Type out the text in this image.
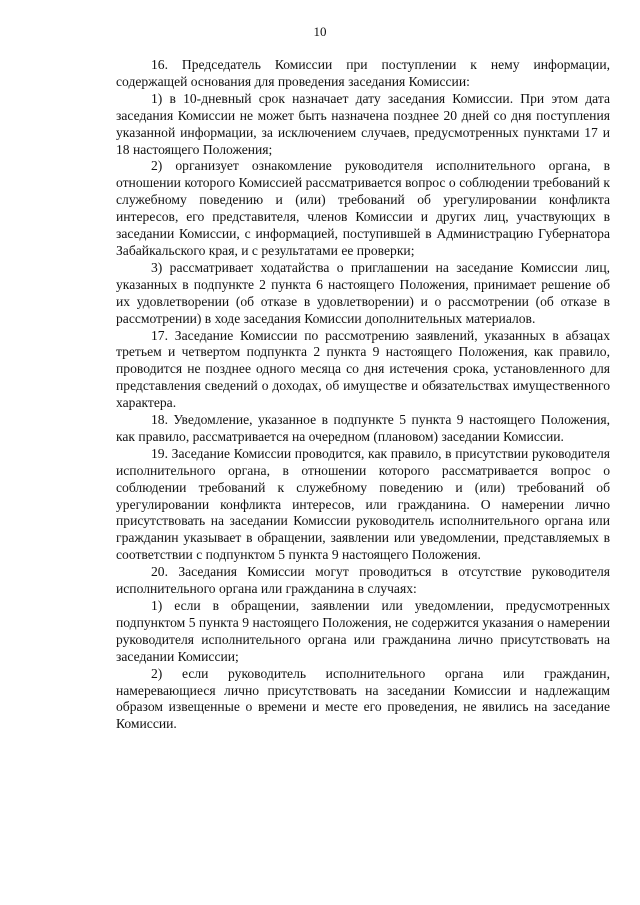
10

16. Председатель Комиссии при поступлении к нему информации, содержащей основания для проведения заседания Комиссии:

1) в 10-дневный срок назначает дату заседания Комиссии. При этом дата заседания Комиссии не может быть назначена позднее 20 дней со дня поступления указанной информации, за исключением случаев, предусмотренных пунктами 17 и 18 настоящего Положения;

2) организует ознакомление руководителя исполнительного органа, в отношении которого Комиссией рассматривается вопрос о соблюдении требований к служебному поведению и (или) требований об урегулировании конфликта интересов, его представителя, членов Комиссии и других лиц, участвующих в заседании Комиссии, с информацией, поступившей в Администрацию Губернатора Забайкальского края, и с результатами ее проверки;

3) рассматривает ходатайства о приглашении на заседание Комиссии лиц, указанных в подпункте 2 пункта 6 настоящего Положения, принимает решение об их удовлетворении (об отказе в удовлетворении) и о рассмотрении (об отказе в рассмотрении) в ходе заседания Комиссии дополнительных материалов.

17. Заседание Комиссии по рассмотрению заявлений, указанных в абзацах третьем и четвертом подпункта 2 пункта 9 настоящего Положения, как правило, проводится не позднее одного месяца со дня истечения срока, установленного для представления сведений о доходах, об имуществе и обязательствах имущественного характера.

18. Уведомление, указанное в подпункте 5 пункта 9 настоящего Положения, как правило, рассматривается на очередном (плановом) заседании Комиссии.

19. Заседание Комиссии проводится, как правило, в присутствии руководителя исполнительного органа, в отношении которого рассматривается вопрос о соблюдении требований к служебному поведению и (или) требований об урегулировании конфликта интересов, или гражданина. О намерении лично присутствовать на заседании Комиссии руководитель исполнительного органа или гражданин указывает в обращении, заявлении или уведомлении, представляемых в соответствии с подпунктом 5 пункта 9 настоящего Положения.

20. Заседания Комиссии могут проводиться в отсутствие руководителя исполнительного органа или гражданина в случаях:

1) если в обращении, заявлении или уведомлении, предусмотренных подпунктом 5 пункта 9 настоящего Положения, не содержится указания о намерении руководителя исполнительного органа или гражданина лично присутствовать на заседании Комиссии;

2) если руководитель исполнительного органа или гражданин, намеревающиеся лично присутствовать на заседании Комиссии и надлежащим образом извещенные о времени и месте его проведения, не явились на заседание Комиссии.
